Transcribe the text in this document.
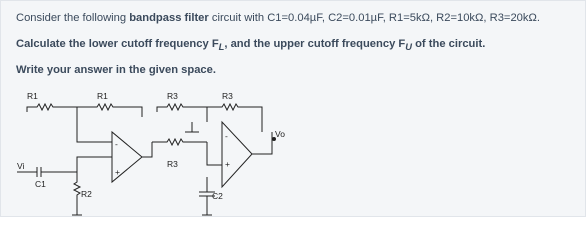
Consider the following bandpass filter circuit with C1=0.04µF, C2=0.01µF, R1=5kΩ, R2=10kΩ, R3=20kΩ.
Calculate the lower cutoff frequency $F_L$, and the upper cutoff frequency $F_U$ of the circuit.
Write your answer in the given space.
R1	R1	R3	R3
R3
R2
C1
C2
Vi
Vo
-
+
-
+
